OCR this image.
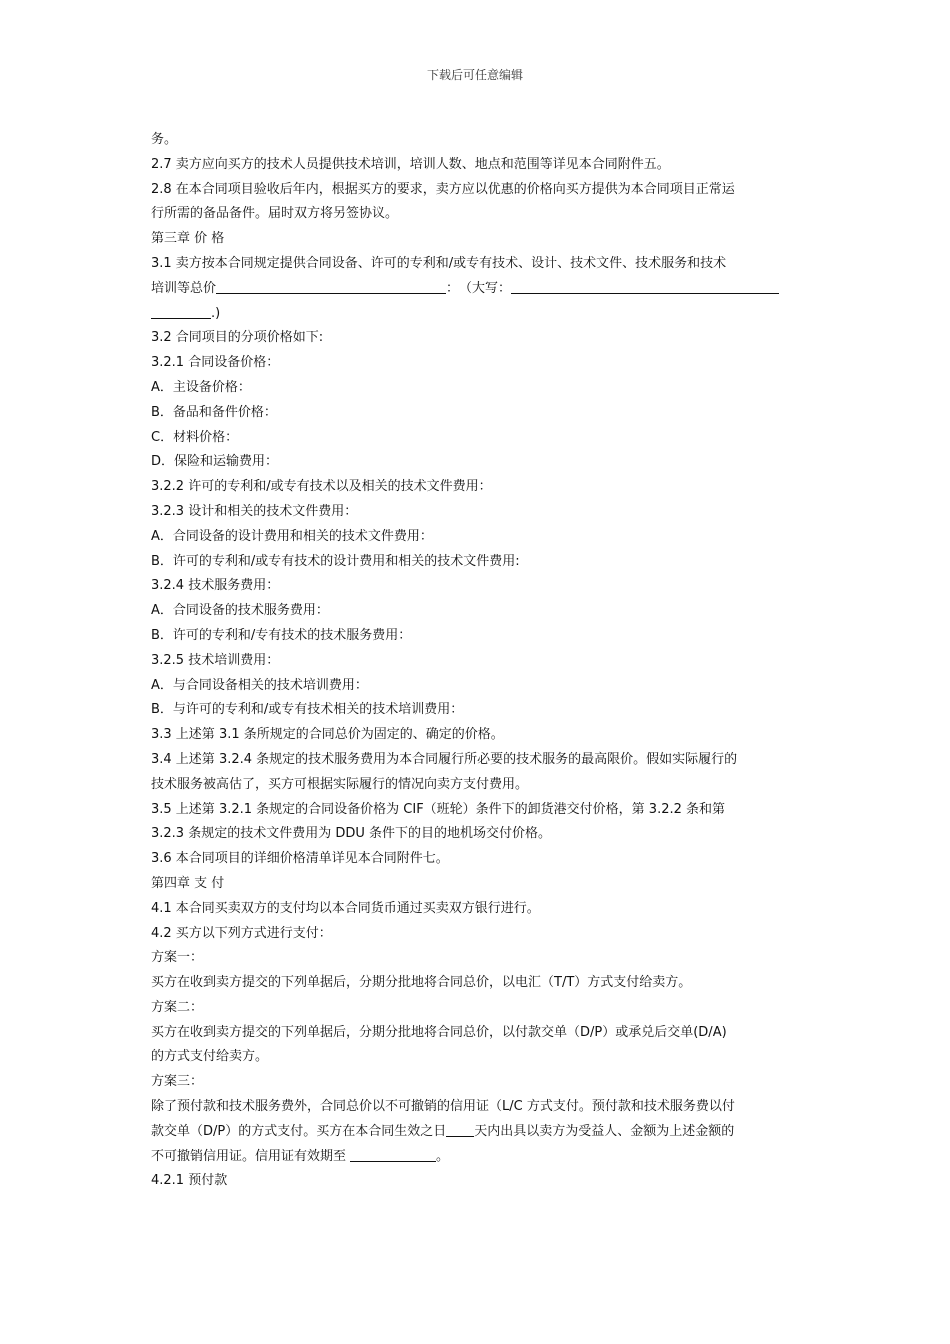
下载后可任意编辑
务。
2.7 卖方应向买方的技术人员提供技术培训，培训人数、地点和范围等详见本合同附件五。
2.8 在本合同项目验收后年内，根据买方的要求，卖方应以优惠的价格向买方提供为本合同项目正常运
行所需的备品备件。届时双方将另签协议。
第三章 价 格
3.1 卖方按本合同规定提供合同设备、许可的专利和/或专有技术、设计、技术文件、技术服务和技术
培训等总价	：　（大写：
.)
3.2 合同项目的分项价格如下:
3.2.1 合同设备价格：
A．主设备价格：
B．备品和备件价格：
C．材料价格：
D．保险和运输费用：
3.2.2 许可的专利和/或专有技术以及相关的技术文件费用：
3.2.3 设计和相关的技术文件费用：
A．合同设备的设计费用和相关的技术文件费用：
B．许可的专利和/或专有技术的设计费用和相关的技术文件费用:
3.2.4 技术服务费用：
A．合同设备的技术服务费用：
B．许可的专利和/专有技术的技术服务费用：
3.2.5 技术培训费用：
A．与合同设备相关的技术培训费用：
B．与许可的专利和/或专有技术相关的技术培训费用：
3.3 上述第 3.1 条所规定的合同总价为固定的、确定的价格。
3.4 上述第 3.2.4 条规定的技术服务费用为本合同履行所必要的技术服务的最高限价。假如实际履行的
技术服务被高估了，买方可根据实际履行的情况向卖方支付费用。
3.5 上述第 3.2.1 条规定的合同设备价格为 CIF（班轮）条件下的卸货港交付价格，第 3.2.2 条和第
3.2.3 条规定的技术文件费用为 DDU 条件下的目的地机场交付价格。
3.6 本合同项目的详细价格清单详见本合同附件七。
第四章 支 付
4.1 本合同买卖双方的支付均以本合同货币通过买卖双方银行进行。
4.2 买方以下列方式进行支付：
方案一：
买方在收到卖方提交的下列单据后，分期分批地将合同总价，以电汇（T/T）方式支付给卖方。
方案二：
买方在收到卖方提交的下列单据后，分期分批地将合同总价，以付款交单（D/P）或承兑后交单(D/A)
的方式支付给卖方。
方案三：
除了预付款和技术服务费外，合同总价以不可撤销的信用证（L/C 方式支付。预付款和技术服务费以付
款交单（D/P）的方式支付。买方在本合同生效之日 天内出具以卖方为受益人、金额为上述金额的
不可撤销信用证。信用证有效期至	。
4.2.1 预付款
